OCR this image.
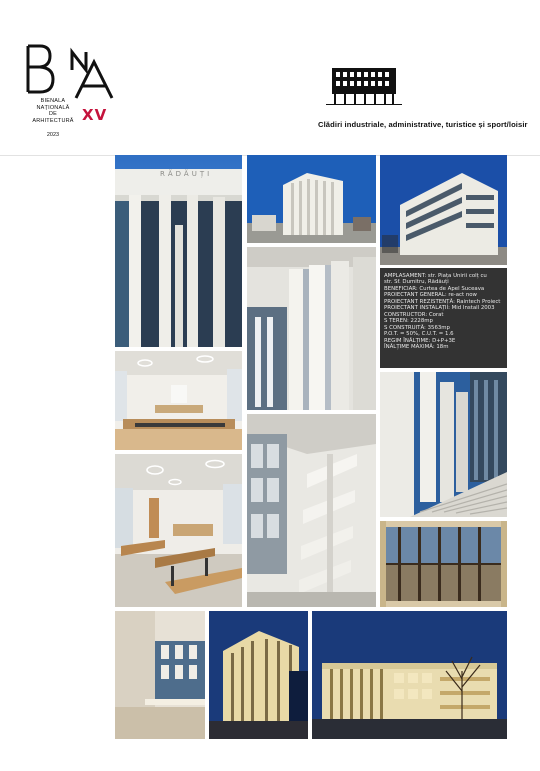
BIENALA
NAȚIONALĂ
DE
ARHITECTURĂ XV
2023
Clădiri industriale, administrative, turistice și sport/loisir
RĂDĂUȚI
AMPLASAMENT: str. Piața Unirii colț cu
str. Sf. Dumitru, Rădăuți
BENEFICIAR: Curtea de Apel Suceava
PROIECTANT GENERAL: re-act now
PROIECTANT REZISTENȚĂ: Raintech Proiect
PROIECTANT INSTALAȚII: Mid Install 2003
CONSTRUCTOR: Corat
S TEREN: 2228mp
S CONSTRUITĂ: 3563mp
P.O.T. = 50%, C.U.T. = 1.6
REGIM ÎNĂLȚIME: D+P+3E
ÎNĂLȚIME MAXIMĂ: 18m
